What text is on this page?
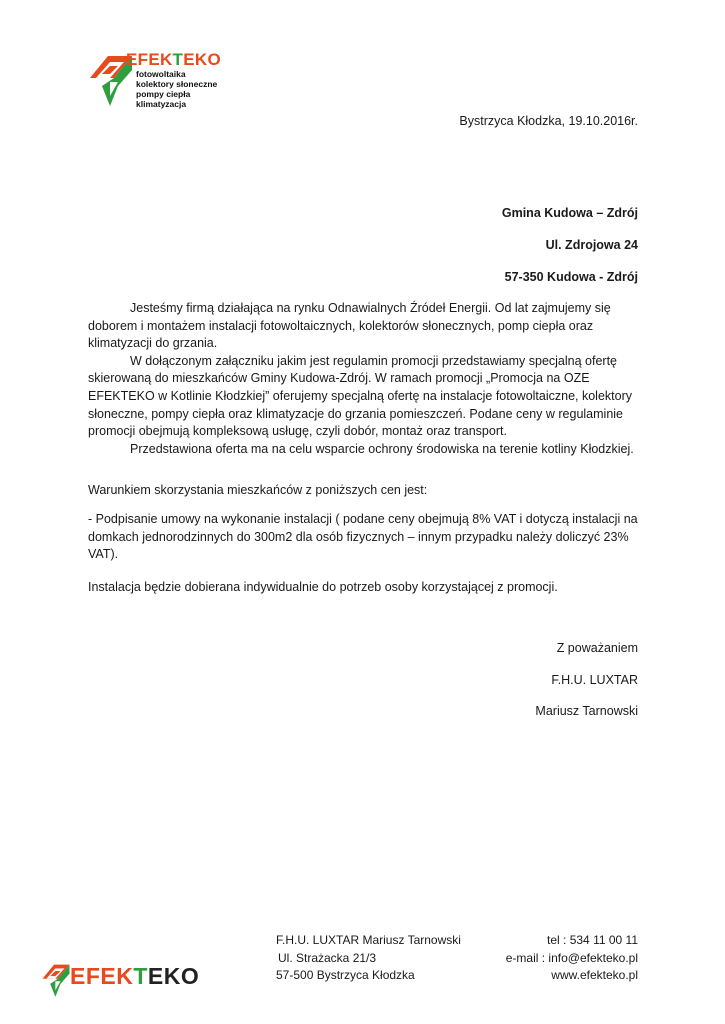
EFEKTEKO
fotowoltaika
kolektory słoneczne
pompy ciepła
klimatyzacja
Bystrzyca Kłodzka, 19.10.2016r.
Gmina Kudowa – Zdrój
Ul. Zdrojowa 24
57-350 Kudowa - Zdrój

Jesteśmy firmą działająca na rynku Odnawialnych Źródeł Energii. Od lat zajmujemy się doborem i montażem instalacji fotowoltaicznych, kolektorów słonecznych, pomp ciepła oraz klimatyzacji do grzania.

W dołączonym załączniku jakim jest regulamin promocji przedstawiamy specjalną ofertę skierowaną do mieszkańców Gminy Kudowa-Zdrój. W ramach promocji „Promocja na OZE EFEKTEKO w Kotlinie Kłodzkiej” oferujemy specjalną ofertę na instalacje fotowoltaiczne, kolektory słoneczne, pompy ciepła oraz klimatyzacje do grzania pomieszczeń. Podane ceny w regulaminie promocji obejmują kompleksową usługę, czyli dobór, montaż oraz transport.

Przedstawiona oferta ma na celu wsparcie ochrony środowiska na terenie kotliny Kłodzkiej.

Warunkiem skorzystania mieszkańców z poniższych cen jest:
- Podpisanie umowy na wykonanie instalacji ( podane ceny obejmują 8% VAT i dotyczą instalacji na domkach jednorodzinnych do 300m2 dla osób fizycznych – innym przypadku należy doliczyć 23% VAT).
Instalacja będzie dobierana indywidualnie do potrzeb osoby korzystającej z promocji.
Z poważaniem
F.H.U. LUXTAR
Mariusz Tarnowski
EFEKTEKO
F.H.U. LUXTAR Mariusz Tarnowski
Ul. Strażacka 21/3
57-500 Bystrzyca Kłodzka
tel : 534 11 00 11
e-mail : info@efekteko.pl
www.efekteko.pl
